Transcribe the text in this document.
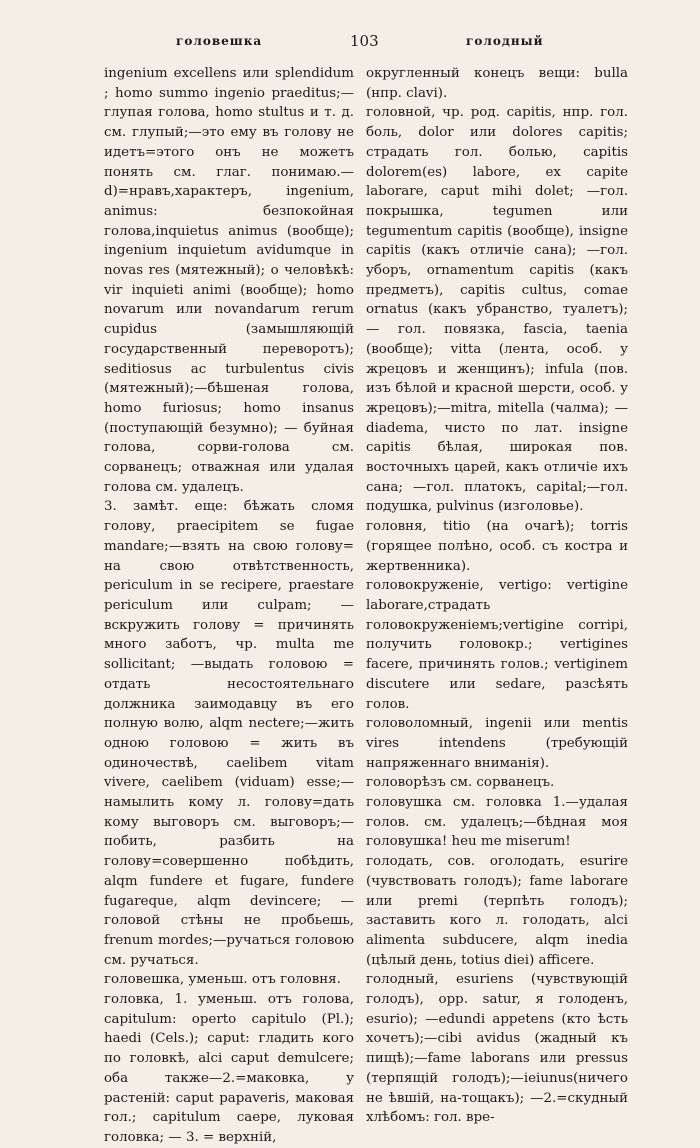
головешка	103	голодный

ingenium excellens или splendidum ; homo summo ingenio praeditus;—глупая голова, homo stultus и т. д. см. глупый;—это ему въ голову не идетъ=этого онъ не можетъ понять см. глаг. понимаю.—d)=нравъ,характеръ, ingenium, animus: безпокойная голова,inquietus animus (вообще); ingenium inquietum avidumque in novas res (мятежный); о человѣкѣ: vir inquieti animi (вообще); homo novarum или novandarum rerum cupidus (замышляющій государственный переворотъ); seditiosus ac turbulentus civis (мятежный);—бѣшеная голова, homo furiosus; homo insanus (поступающій безумно); — буйная голова, сорви-голова см. сорванецъ; отважная или удалая голова см. удалецъ.

3. замѣт. еще: бѣжать сломя голову, praecipitem se fugae mandare;—взять на свою голову= на свою отвѣтственность, periculum in se recipere, praestare periculum или culpam; — вскружить голову = причинять много заботъ, чр. multa me sollicitant; —выдать головою = отдать несостоятельнаго должника заимодавцу въ его полную волю, alqm nectere;—жить одною головою = жить въ одиночествѣ, caelibem vitam vivere, caelibem (viduam) esse;—намылить кому л. голову=дать кому выговоръ см. выговоръ;—побить, разбить на голову=совершенно побѣдить, alqm fundere et fugare, fundere fugareque, alqm devincere; — головой стѣны не пробьешь, frenum mordes;—ручаться головою см. ручаться.

головешка, уменьш. отъ головня.

головка, 1. уменьш. отъ голова, capitulum: operto capitulo (Pl.); haedi (Cels.); caput: гладить кого по головкѣ, alci caput demulcere; оба также—2.=маковка, у растеній: caput papaveris, маковая гол.; capitulum caepe, луковая головка; — 3. = верхній,

округленный конецъ вещи: bulla (нпр. clavi).

головной, чр. род. capitis, нпр. гол. боль, dolor или dolores capitis; страдать гол. болью, capitis dolorem(es) labore, ex capite laborare, caput mihi dolet; —гол. покрышка, tegumen или tegumentum capitis (вообще), insigne capitis (какъ отличіе сана); —гол. уборъ, ornamentum capitis (какъ предметъ), capitis cultus, comae ornatus (какъ убранство, туалетъ); — гол. повязка, fascia, taenia (вообще); vitta (лента, особ. у жрецовъ и женщинъ); infula (пов. изъ бѣлой и красной шерсти, особ. у жрецовъ);—mitra, mitella (чалма); — diadema, чисто по лат. insigne capitis бѣлая, широкая пов. восточныхъ царей, какъ отличіе ихъ сана; —гол. платокъ, capital;—гол. подушка, pulvinus (изголовье).

головня, titio (на очагѣ); torris (горящее полѣно, особ. съ костра и жертвенника).

головокруженіе, vertigo: vertigine laborare,страдать головокруженіемъ;vertigine corripi, получить головокр.; vertigines facere, причинять голов.; vertiginem discutere или sedare, разсѣять голов.

головоломный, ingenii или mentis vires intendens (требующій напряженнаго вниманія).

головорѣзъ см. сорванецъ.

головушка см. головка 1.—удалая голов. см. удалецъ;—бѣдная моя головушка! heu me miserum!

голодать, сов. оголодать, esurire (чувствовать голодъ); fame laborare или premi (терпѣть голодъ); заставить кого л. голодать, alci alimenta subducere, alqm inedia (цѣлый день, totius diei) afficere.

голодный, esuriens (чувствующій голодъ), opp. satur, я голоденъ, esurio); —edundi appetens (кто ѣсть хочетъ);—cibi avidus (жадный къ пищѣ);—fame laborans или pressus (терпящій голодъ);—ieiunus(ничего не ѣвшій, на-тощакъ); —2.=скудный хлѣбомъ: гол. вре-
